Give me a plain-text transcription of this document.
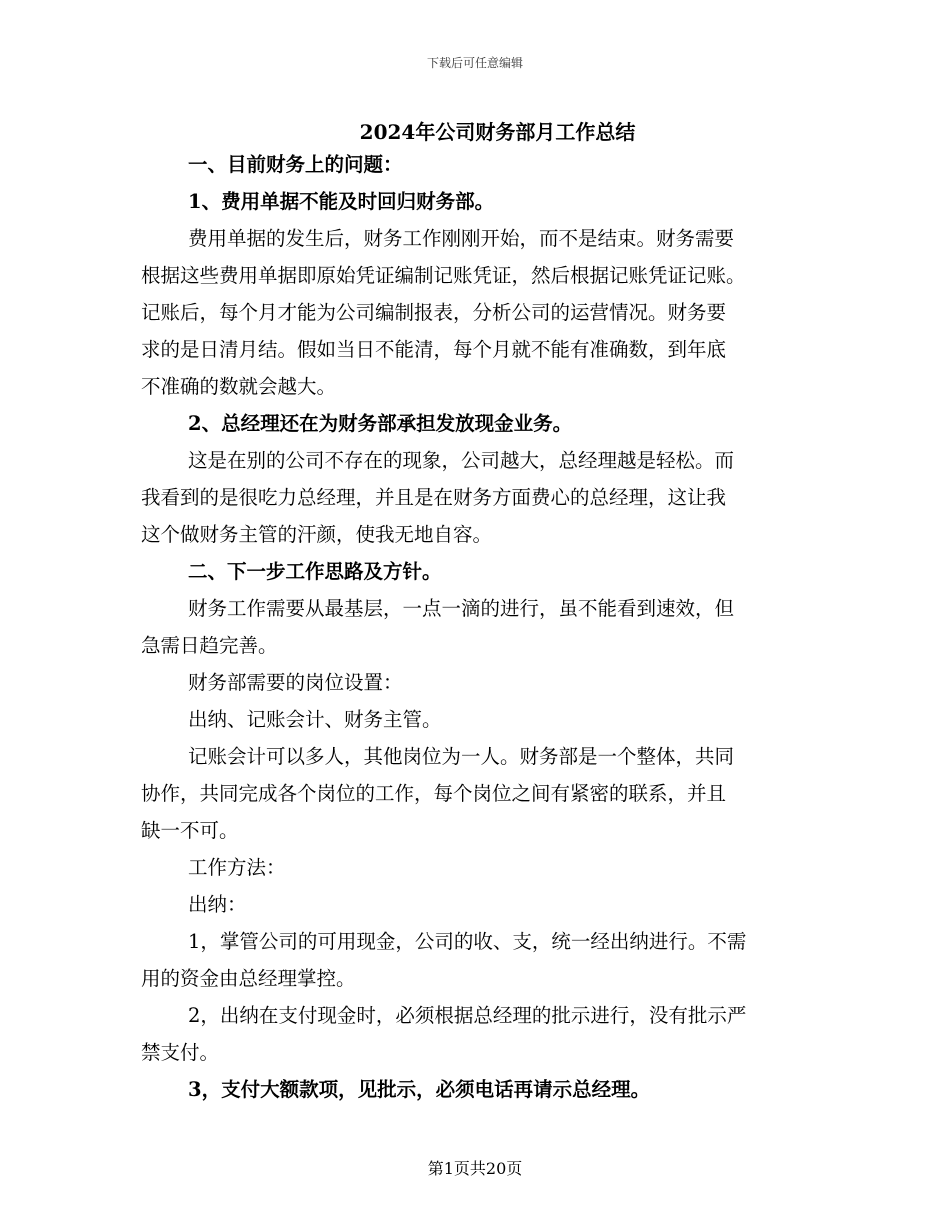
下载后可任意编辑
2024年公司财务部月工作总结
一、目前财务上的问题：
1、费用单据不能及时回归财务部。
费用单据的发生后，财务工作刚刚开始，而不是结束。财务需要
根据这些费用单据即原始凭证编制记账凭证，然后根据记账凭证记账。
记账后，每个月才能为公司编制报表，分析公司的运营情况。财务要
求的是日清月结。假如当日不能清，每个月就不能有准确数，到年底
不准确的数就会越大。
2、总经理还在为财务部承担发放现金业务。
这是在别的公司不存在的现象，公司越大，总经理越是轻松。而
我看到的是很吃力总经理，并且是在财务方面费心的总经理，这让我
这个做财务主管的汗颜，使我无地自容。
二、下一步工作思路及方针。
财务工作需要从最基层，一点一滴的进行，虽不能看到速效，但
急需日趋完善。
财务部需要的岗位设置：
出纳、记账会计、财务主管。
记账会计可以多人，其他岗位为一人。财务部是一个整体，共同
协作，共同完成各个岗位的工作，每个岗位之间有紧密的联系，并且
缺一不可。
工作方法：
出纳：
1，掌管公司的可用现金，公司的收、支，统一经出纳进行。不需
用的资金由总经理掌控。
2，出纳在支付现金时，必须根据总经理的批示进行，没有批示严
禁支付。
3，支付大额款项，见批示，必须电话再请示总经理。
第1页共20页
